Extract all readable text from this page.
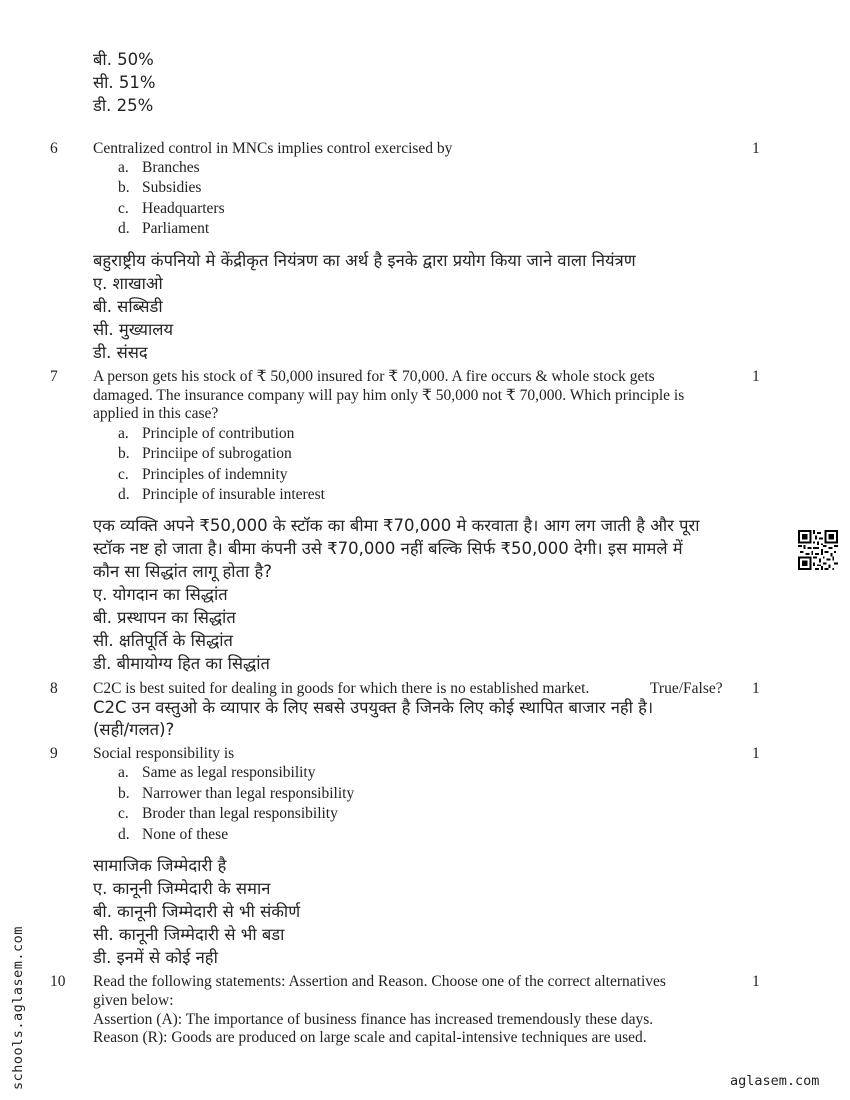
बी. 50%
सी. 51%
डी. 25%
6 Centralized control in MNCs implies control exercised by	1
a. Branches
b. Subsidies
c. Headquarters
d. Parliament
बहुराष्ट्रीय कंपनियो मे केंद्रीकृत नियंत्रण का अर्थ है इनके द्वारा प्रयोग किया जाने वाला नियंत्रण
ए. शाखाओ
बी. सब्सिडी
सी. मुख्यालय
डी. संसद
7 A person gets his stock of ₹ 50,000 insured for ₹ 70,000. A fire occurs & whole stock gets	1
damaged. The insurance company will pay him only ₹ 50,000 not ₹ 70,000. Which principle is
applied in this case?
a. Principle of contribution
b. Princiipe of subrogation
c. Principles of indemnity
d. Principle of insurable interest
एक व्यक्ति अपने ₹50,000 के स्टॉक का बीमा ₹70,000 मे करवाता है। आग लग जाती है और पूरा
स्टॉक नष्ट हो जाता है। बीमा कंपनी उसे ₹70,000 नहीं बल्कि सिर्फ ₹50,000 देगी। इस मामले में
कौन सा सिद्धांत लागू होता है?
ए. योगदान का सिद्धांत
बी. प्रस्थापन का सिद्धांत
सी. क्षतिपूर्ति के सिद्धांत
डी. बीमायोग्य हित का सिद्धांत
8 C2C is best suited for dealing in goods for which there is no established market.	True/False? 1
C2C उन वस्तुओ के व्यापार के लिए सबसे उपयुक्त है जिनके लिए कोई स्थापित बाजार नही है।
(सही/गलत)?
9 Social responsibility is	1
a. Same as legal responsibility
b. Narrower than legal responsibility
c. Broder than legal responsibility
d. None of these
सामाजिक जिम्मेदारी है
ए. कानूनी जिम्मेदारी के समान
बी. कानूनी जिम्मेदारी से भी संकीर्ण
सी. कानूनी जिम्मेदारी से भी बडा
डी. इनमें से कोई नही
10 Read the following statements: Assertion and Reason. Choose one of the correct alternatives	1
given below:
Assertion (A): The importance of business finance has increased tremendously these days.
Reason (R): Goods are produced on large scale and capital-intensive techniques are used.
schools.aglasem.com	aglasem.com
